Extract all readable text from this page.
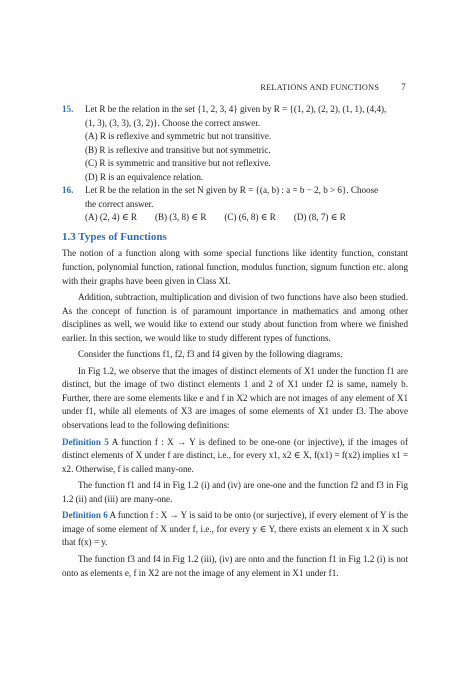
RELATIONS AND FUNCTIONS 7
15.	Let R be the relation in the set {1, 2, 3, 4} given by R = {(1, 2), (2, 2), (1, 1), (4,4),

(1, 3), (3, 3), (3, 2)}. Choose the correct answer.

(A) R is reflexive and symmetric but not transitive.

(B) R is reflexive and transitive but not symmetric.

(C) R is symmetric and transitive but not reflexive.

(D) R is an equivalence relation.

16.	Let R be the relation in the set N given by R = {(a, b) : a = b − 2, b > 6}. Choose

the correct answer.

(A) (2, 4) ∈ R (B) (3, 8) ∈ R (C) (6, 8) ∈ R (D) (8, 7) ∈ R
1.3 Types of Functions

The notion of a function along with some special functions like identity function, constant function, polynomial function, rational function, modulus function, signum function etc. along with their graphs have been given in Class XI.

Addition, subtraction, multiplication and division of two functions have also been studied. As the concept of function is of paramount importance in mathematics and among other disciplines as well, we would like to extend our study about function from where we finished earlier. In this section, we would like to study different types of functions.

Consider the functions f1, f2, f3 and f4 given by the following diagrams.

In Fig 1.2, we observe that the images of distinct elements of X1 under the function f1 are distinct, but the image of two distinct elements 1 and 2 of X1 under f2 is same, namely b. Further, there are some elements like e and f in X2 which are not images of any element of X1 under f1, while all elements of X3 are images of some elements of X1 under f3. The above observations lead to the following definitions:

Definition 5 A function f : X → Y is defined to be one-one (or injective), if the images of distinct elements of X under f are distinct, i.e., for every x1, x2 ∈ X, f(x1) = f(x2) implies x1 = x2. Otherwise, f is called many-one.

The function f1 and f4 in Fig 1.2 (i) and (iv) are one-one and the function f2 and f3 in Fig 1.2 (ii) and (iii) are many-one.

Definition 6 A function f : X → Y is said to be onto (or surjective), if every element of Y is the image of some element of X under f, i.e., for every y ∈ Y, there exists an element x in X such that f(x) = y.

The function f3 and f4 in Fig 1.2 (iii), (iv) are onto and the function f1 in Fig 1.2 (i) is not onto as elements e, f in X2 are not the image of any element in X1 under f1.
